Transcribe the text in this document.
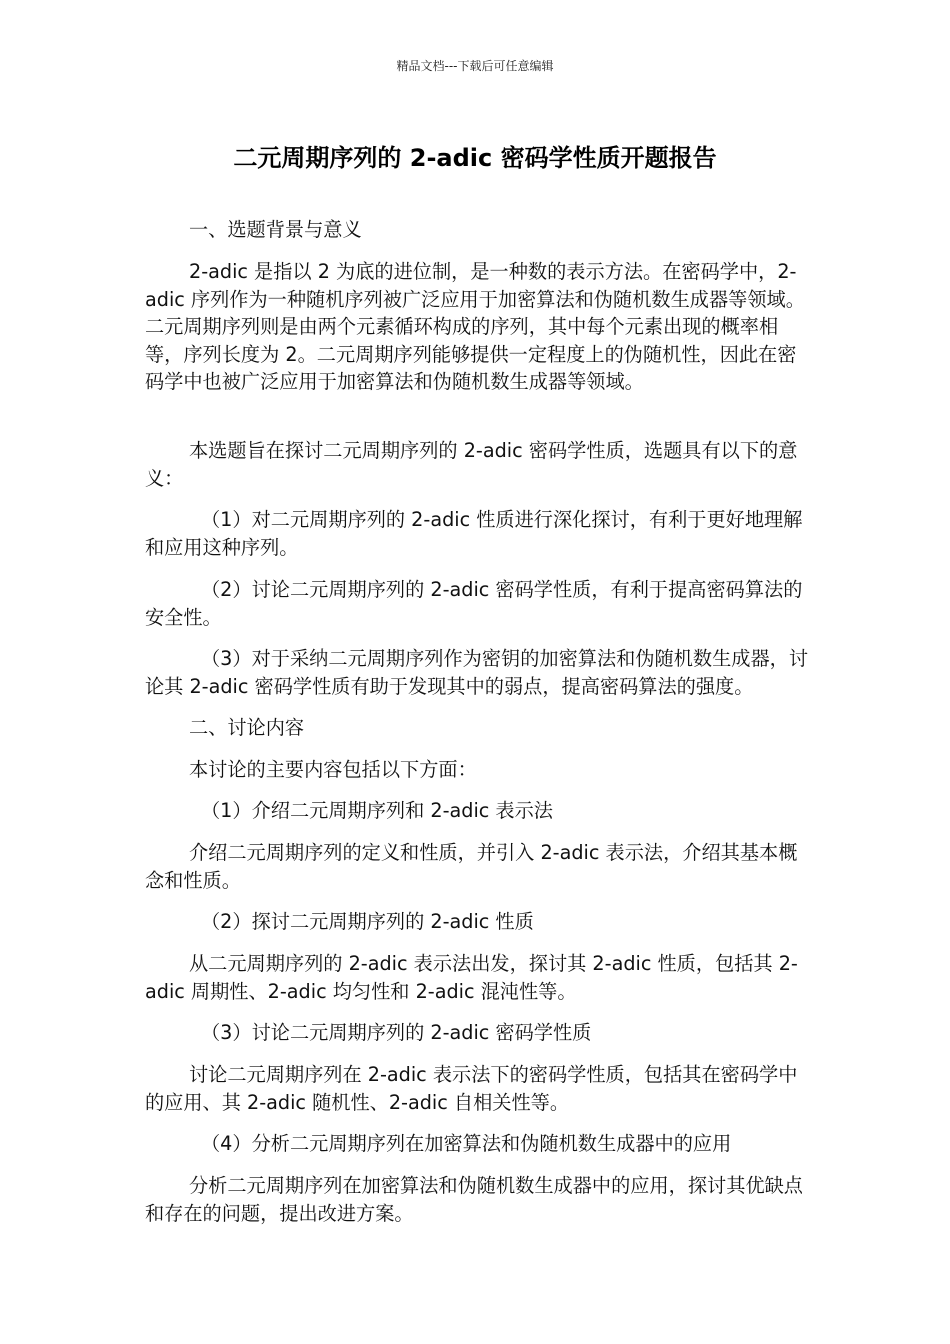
精品文档---下载后可任意编辑
二元周期序列的 2-adic 密码学性质开题报告

一、选题背景与意义

2-adic 是指以 2 为底的进位制，是一种数的表示方法。在密码学中，2-adic 序列作为一种随机序列被广泛应用于加密算法和伪随机数生成器等领域。二元周期序列则是由两个元素循环构成的序列，其中每个元素出现的概率相等，序列长度为 2。二元周期序列能够提供一定程度上的伪随机性，因此在密码学中也被广泛应用于加密算法和伪随机数生成器等领域。

本选题旨在探讨二元周期序列的 2-adic 密码学性质，选题具有以下的意义：

（1）对二元周期序列的 2-adic 性质进行深化探讨，有利于更好地理解和应用这种序列。

（2）讨论二元周期序列的 2-adic 密码学性质，有利于提高密码算法的安全性。

（3）对于采纳二元周期序列作为密钥的加密算法和伪随机数生成器，讨论其 2-adic 密码学性质有助于发现其中的弱点，提高密码算法的强度。

二、讨论内容

本讨论的主要内容包括以下方面：

（1）介绍二元周期序列和 2-adic 表示法

介绍二元周期序列的定义和性质，并引入 2-adic 表示法，介绍其基本概念和性质。

（2）探讨二元周期序列的 2-adic 性质

从二元周期序列的 2-adic 表示法出发，探讨其 2-adic 性质，包括其 2-adic 周期性、2-adic 均匀性和 2-adic 混沌性等。

（3）讨论二元周期序列的 2-adic 密码学性质

讨论二元周期序列在 2-adic 表示法下的密码学性质，包括其在密码学中的应用、其 2-adic 随机性、2-adic 自相关性等。

（4）分析二元周期序列在加密算法和伪随机数生成器中的应用

分析二元周期序列在加密算法和伪随机数生成器中的应用，探讨其优缺点和存在的问题，提出改进方案。
